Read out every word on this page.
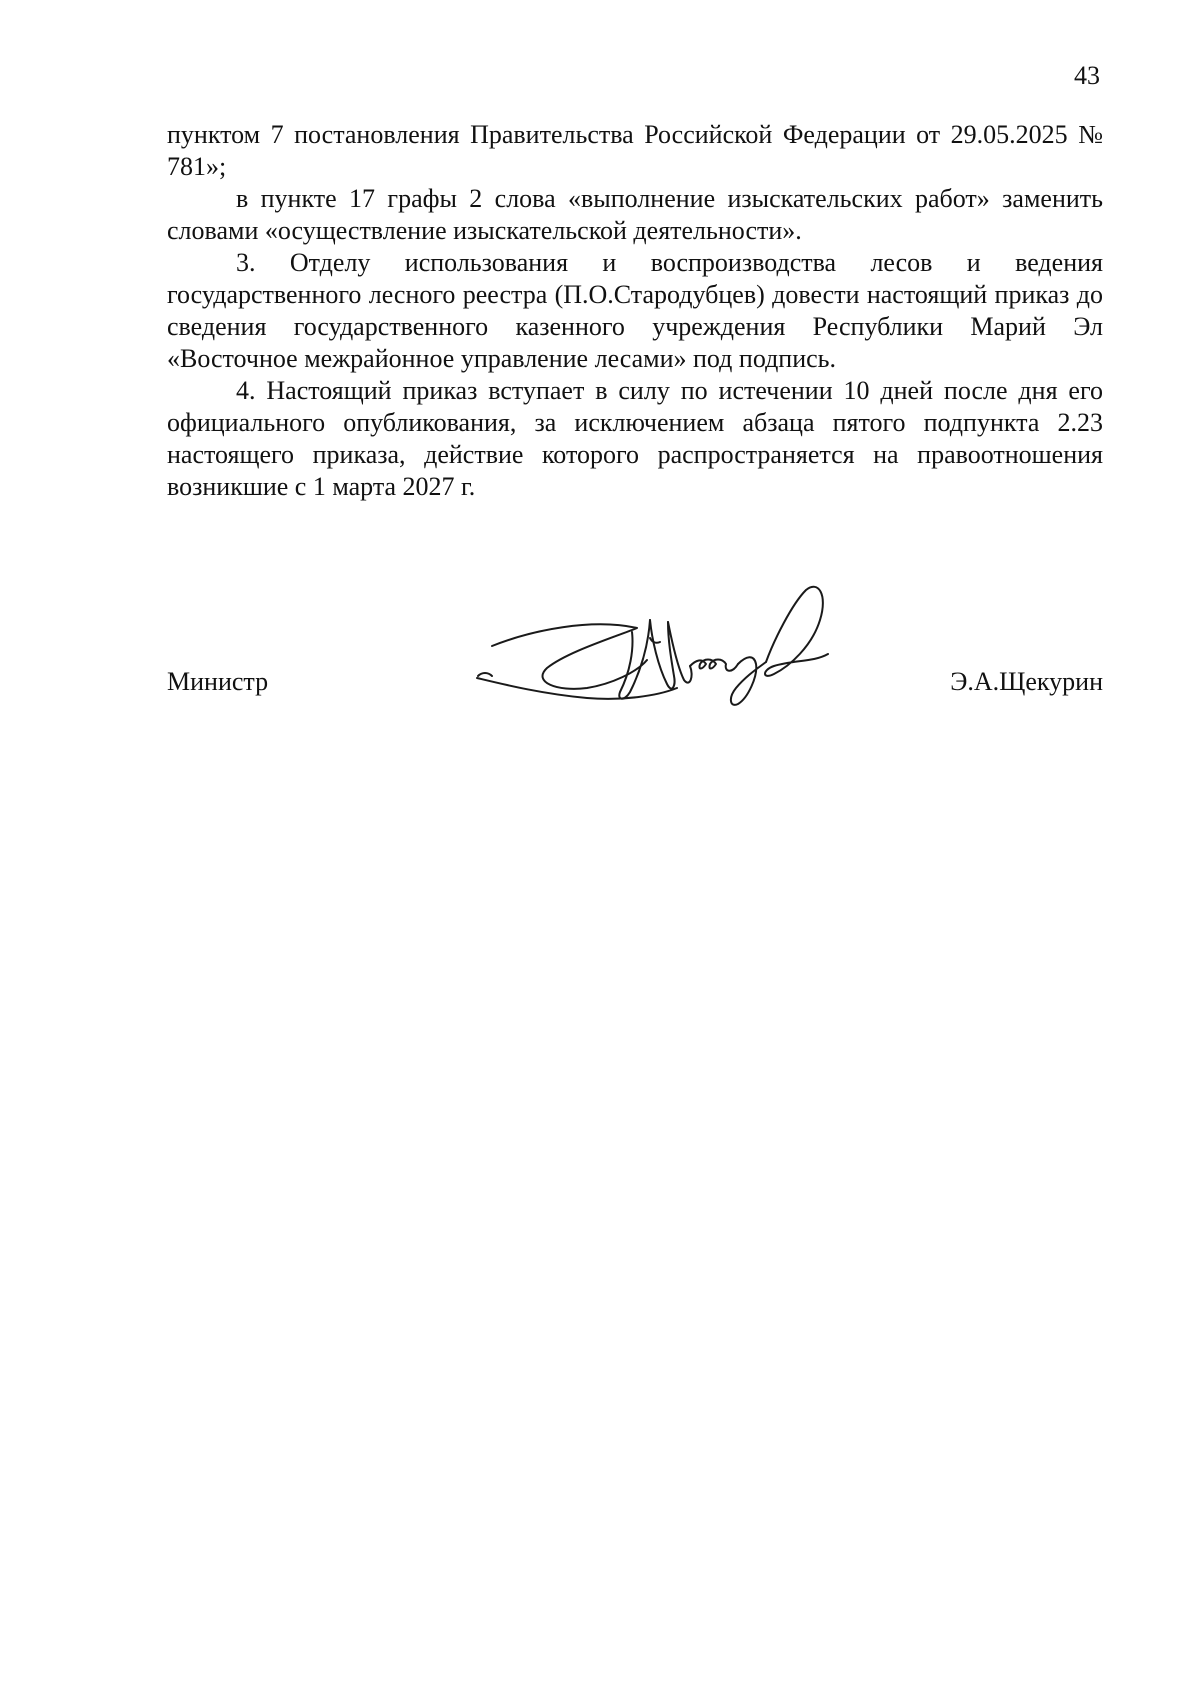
43

пунктом 7 постановления Правительства Российской Федерации от 29.05.2025 № 781»;

в пункте 17 графы 2 слова «выполнение изыскательских работ» заменить словами «осуществление изыскательской деятельности».

3. Отделу использования и воспроизводства лесов и ведения государственного лесного реестра (П.О.Стародубцев) довести настоящий приказ до сведения государственного казенного учреждения Республики Марий Эл «Восточное межрайонное управление лесами» под подпись.

4. Настоящий приказ вступает в силу по истечении 10 дней после дня его официального опубликования, за исключением абзаца пятого подпункта 2.23 настоящего приказа, действие которого распространяется на правоотношения возникшие с 1 марта 2027 г.

Министр	Э.А.Щекурин
